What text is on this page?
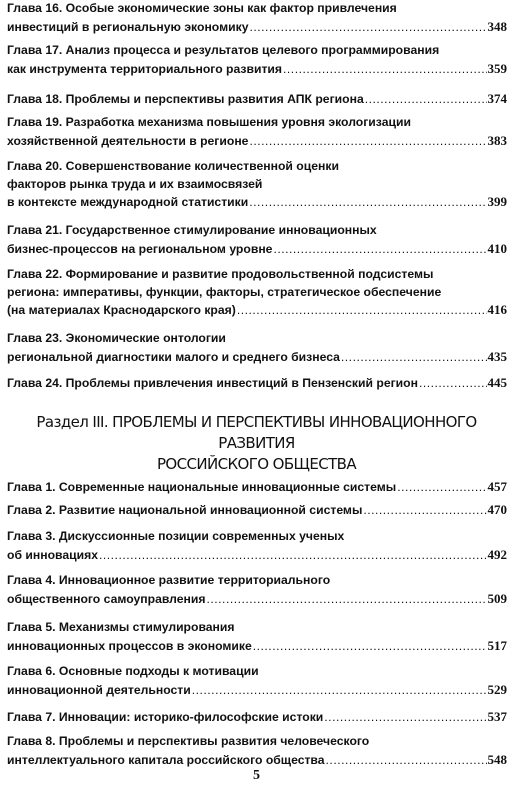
Глава 16. Особые экономические зоны как фактор привлечения
инвестиций в региональную экономику .....	348
Глава 17. Анализ процесса и результатов целевого программирования
как инструмента территориального развития .....	359
Глава 18. Проблемы и перспективы развития АПК региона .....	374
Глава 19. Разработка механизма повышения уровня экологизации
хозяйственной деятельности в регионе .....	383
Глава 20. Совершенствование количественной оценки
факторов рынка труда и их взаимосвязей
в контексте международной статистики .....	399
Глава 21. Государственное стимулирование инновационных
бизнес-процессов на региональном уровне .....	410
Глава 22. Формирование и развитие продовольственной подсистемы
региона: императивы, функции, факторы, стратегическое обеспечение
(на материалах Краснодарского края) .....	416
Глава 23. Экономические онтологии
региональной диагностики малого и среднего бизнеса .....	435
Глава 24. Проблемы привлечения инвестиций в Пензенский регион .....	445
Раздел III. ПРОБЛЕМЫ И ПЕРСПЕКТИВЫ ИННОВАЦИОННОГО РАЗВИТИЯ
РОССИЙСКОГО ОБЩЕСТВА
Глава 1. Современные национальные инновационные системы .....	457
Глава 2. Развитие национальной инновационной системы .....	470
Глава 3. Дискуссионные позиции современных ученых
об инновациях .....	492
Глава 4. Инновационное развитие территориального
общественного самоуправления .....	509
Глава 5. Механизмы стимулирования
инновационных процессов в экономике .....	517
Глава 6. Основные подходы к мотивации
инновационной деятельности .....	529
Глава 7. Инновации: историко-философские истоки .....	537
Глава 8. Проблемы и перспективы развития человеческого
интеллектуального капитала российского общества .....	548
5
